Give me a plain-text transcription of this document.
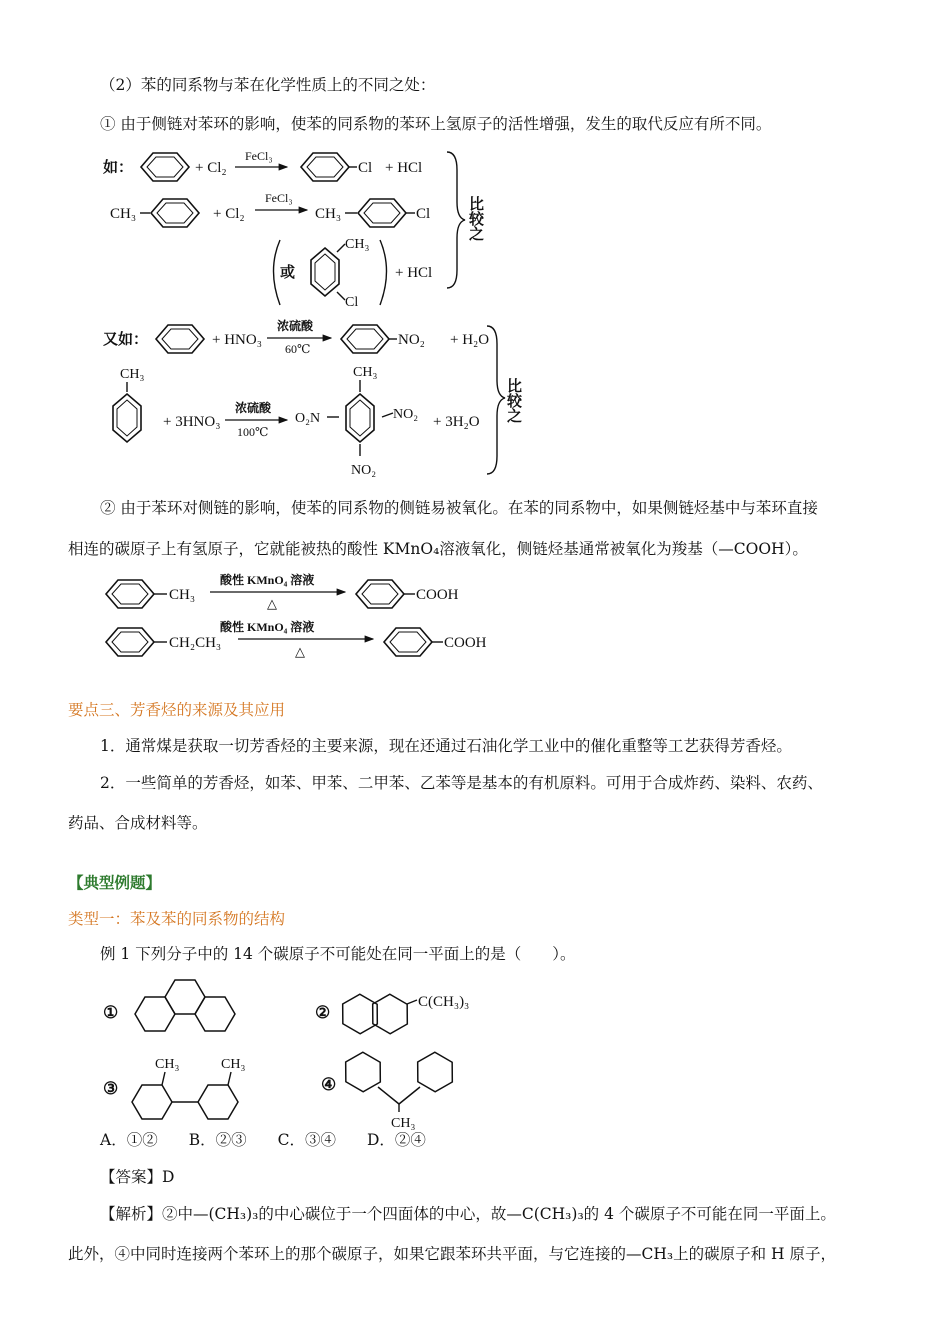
（2）苯的同系物与苯在化学性质上的不同之处：
① 由于侧链对苯环的影响，使苯的同系物的苯环上氢原子的活性增强，发生的取代反应有所不同。
如：	+ Cl₂
FeCl₃
Cl + HCl
CH₃	+ Cl₂
FeCl₃
CH₃	Cl
或
CH₃
Cl
+ HCl
比较之
又如：	+ HNO₃
浓硫酸
60℃
NO₂ + H₂O
CH₃
+ 3HNO₃
浓硫酸
100℃
CH₃
O₂N	NO₂
NO₂
+ 3H₂O 比较之
② 由于苯环对侧链的影响，使苯的同系物的侧链易被氧化。在苯的同系物中，如果侧链烃基中与苯环直接
相连的碳原子上有氢原子，它就能被热的酸性 KMnO₄溶液氧化，侧链烃基通常被氧化为羧基（—COOH）。
CH₃
酸性 KMnO₄ 溶液
△
COOH
CH₂CH₃
酸性 KMnO₄ 溶液
△
COOH
要点三、芳香烃的来源及其应用
1．通常煤是获取一切芳香烃的主要来源，现在还通过石油化学工业中的催化重整等工艺获得芳香烃。
2．一些简单的芳香烃，如苯、甲苯、二甲苯、乙苯等是基本的有机原料。可用于合成炸药、染料、农药、
药品、合成材料等。
【典型例题】
类型一：苯及苯的同系物的结构
例 1 下列分子中的 14 个碳原子不可能处在同一平面上的是（　　）。
①	②
C(CH₃)₃
③
CH₃	CH₃
④
CH₃
A．①②　　B．②③　　C．③④　　D．②④
【答案】D
【解析】②中—(CH₃)₃的中心碳位于一个四面体的中心，故—C(CH₃)₃的 4 个碳原子不可能在同一平面上。
此外，④中同时连接两个苯环上的那个碳原子，如果它跟苯环共平面，与它连接的—CH₃上的碳原子和 H 原子，
